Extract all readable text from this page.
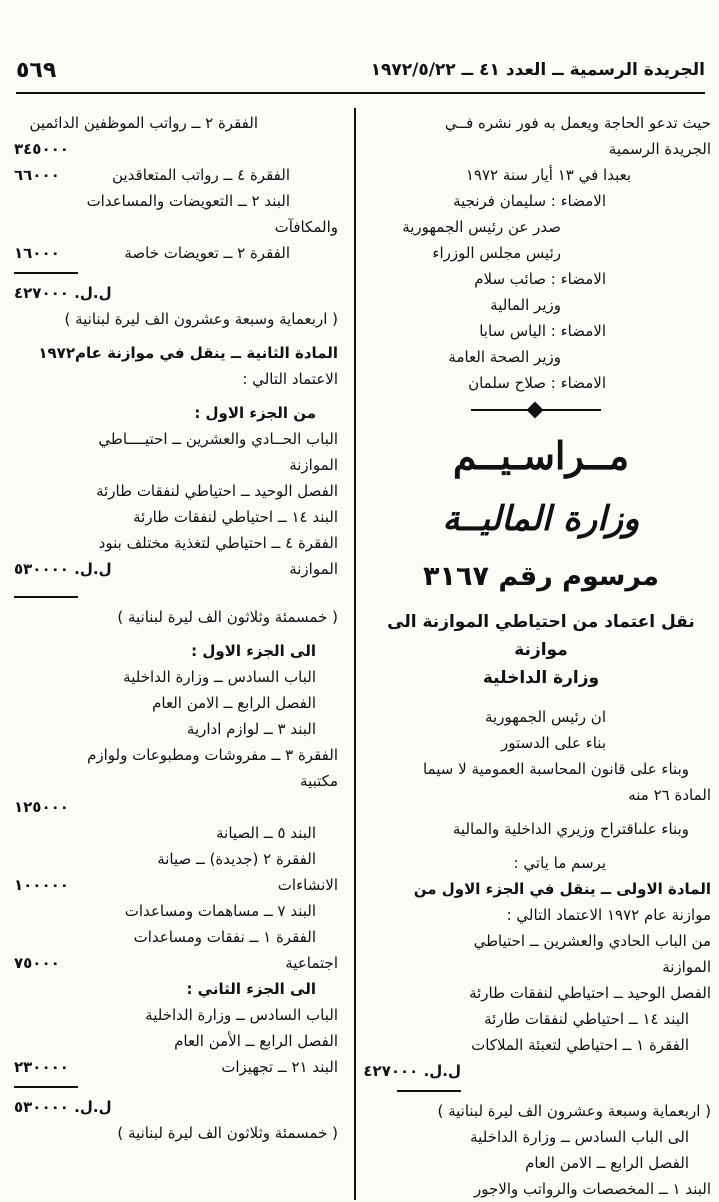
الجريدة الرسمية ــ العدد ٤١ ــ ١٩٧٢/٥/٢٢
٥٦٩
حيث تدعو الحاجة ويعمل به فور نشره فــي
الجريدة الرسمية
بعبدا في ١٣ أيار سنة ١٩٧٢
الامضاء : سليمان فرنجية
صدر عن رئيس الجمهورية
رئيس مجلس الوزراء
الامضاء : صائب سلام
وزير المالية
الامضاء : الياس سابا
وزير الصحة العامة
الامضاء : صلاح سلمان
مــراسـيــم
وزارة الماليــة
مرسوم رقم ٣١٦٧
نقل اعتماد من احتياطي الموازنة الى موازنة
وزارة الداخلية
ان رئيس الجمهورية
بناء على الدستور
وبناء على قانون المحاسبة العمومية لا سيما
المادة ٢٦ منه
وبناء علىاقتراح وزيري الداخلية والمالية
يرسم ما ياتي :
المادة الاولى ــ ينقل في الجزء الاول من
موازنة عام ١٩٧٢ الاعتماد التالي :
من الباب الحادي والعشرين ــ احتياطي
الموازنة
الفصل الوحيد ــ احتياطي لنفقات طارئة
البند ١٤ ــ احتياطي لنفقات طارئة
الفقرة ١ ــ احتياطي لتعبئة الملاكات
ل.ل. ٤٢٧٠٠٠
( اربعماية وسبعة وعشرون الف ليرة لبنانية )
الى الباب السادس ــ وزارة الداخلية
الفصل الرابع ــ الامن العام
البند ١ ــ المخصصات والرواتب والاجور
الفقرة ٢ ــ رواتب الموظفين الدائمين
٣٤٥٠٠٠
الفقرة ٤ ــ رواتب المتعاقدين
٦٦٠٠٠
البند ٢ ــ التعويضات والمساعدات
والمكافآت
الفقرة ٢ ــ تعويضات خاصة
١٦٠٠٠
ل.ل. ٤٢٧٠٠٠
( اربعماية وسبعة وعشرون الف ليرة لبنانية )
المادة الثانية ــ ينقل في موازنة عام١٩٧٢
الاعتماد التالي :
من الجزء الاول :
الباب الحــادي والعشرين ــ احتيــــاطي
الموازنة
الفصل الوحيد ــ احتياطي لنفقات طارئة
البند ١٤ ــ احتياطي لنفقات طارئة
الفقرة ٤ ــ احتياطي لتغذية مختلف بنود
الموازنة
ل.ل. ٥٣٠٠٠٠
( خمسمئة وثلاثون الف ليرة لبنانية )
الى الجزء الاول :
الباب السادس ــ وزارة الداخلية
الفصل الرابع ــ الامن العام
البند ٣ ــ لوازم ادارية
الفقرة ٣ ــ مفروشات ومطبوعات ولوازم
مكتبية
١٢٥٠٠٠
البند ٥ ــ الصيانة
الفقرة ٢ (جديدة) ــ صيانة
الانشاءات
١٠٠٠٠٠
البند ٧ ــ مساهمات ومساعدات
الفقرة ١ ــ نفقات ومساعدات
اجتماعية
٧٥٠٠٠
الى الجزء الثاني :
الباب السادس ــ وزارة الداخلية
الفصل الرابع ــ الأمن العام
البند ٢١ ــ تجهيزات
٢٣٠٠٠٠
ل.ل. ٥٣٠٠٠٠
( خمسمئة وثلاثون الف ليرة لبنانية )
